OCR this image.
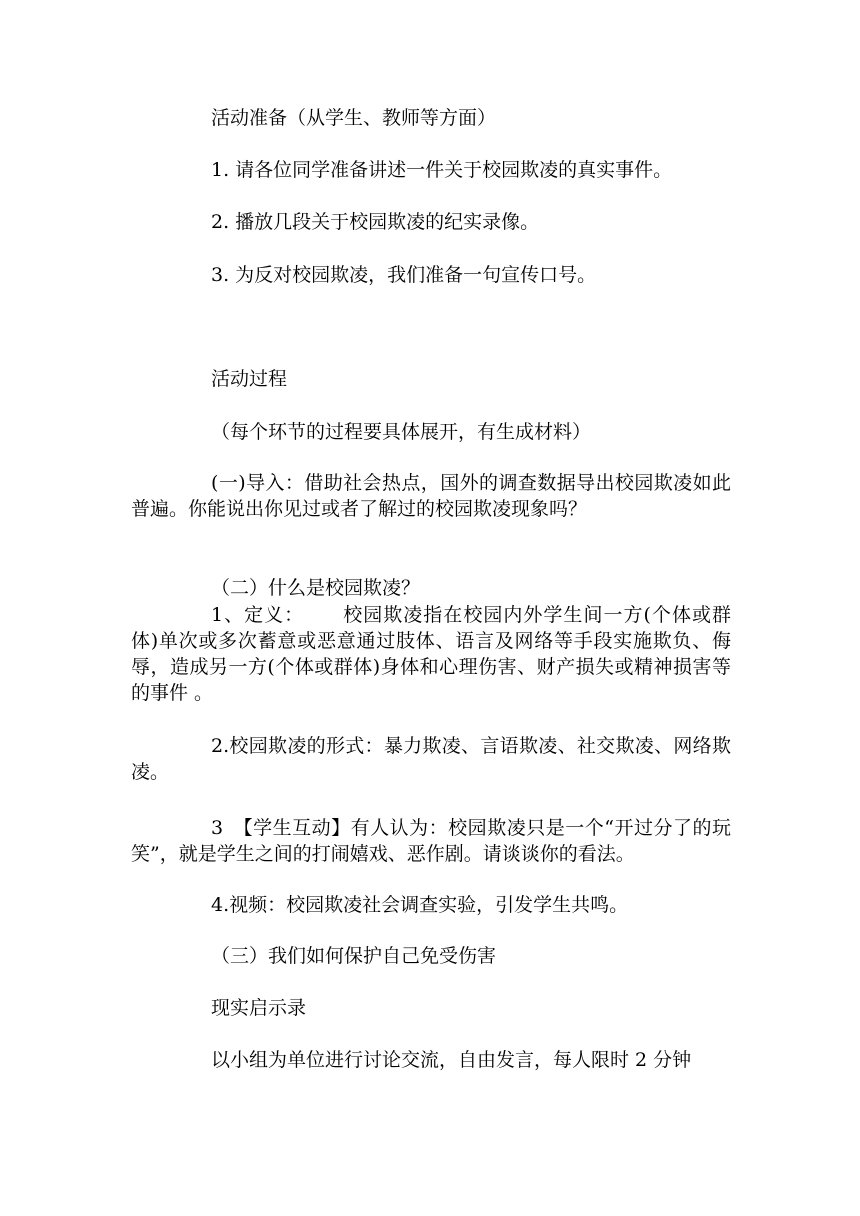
活动准备（从学生、教师等方面）

1. 请各位同学准备讲述一件关于校园欺凌的真实事件。

2. 播放几段关于校园欺凌的纪实录像。

3. 为反对校园欺凌，我们准备一句宣传口号。

活动过程

（每个环节的过程要具体展开，有生成材料）

(一)导入：借助社会热点，国外的调查数据导出校园欺凌如此普遍。你能说出你见过或者了解过的校园欺凌现象吗？

（二）什么是校园欺凌？

1、定义： 校园欺凌指在校园内外学生间一方(个体或群体)单次或多次蓄意或恶意通过肢体、语言及网络等手段实施欺负、侮辱，造成另一方(个体或群体)身体和心理伤害、财产损失或精神损害等的事件 。

2.校园欺凌的形式：暴力欺凌、言语欺凌、社交欺凌、网络欺凌。

3　【学生互动】有人认为：校园欺凌只是一个“开过分了的玩笑”，就是学生之间的打闹嬉戏、恶作剧。请谈谈你的看法。

4.视频：校园欺凌社会调查实验，引发学生共鸣。

（三）我们如何保护自己免受伤害

现实启示录

以小组为单位进行讨论交流，自由发言，每人限时 2 分钟
